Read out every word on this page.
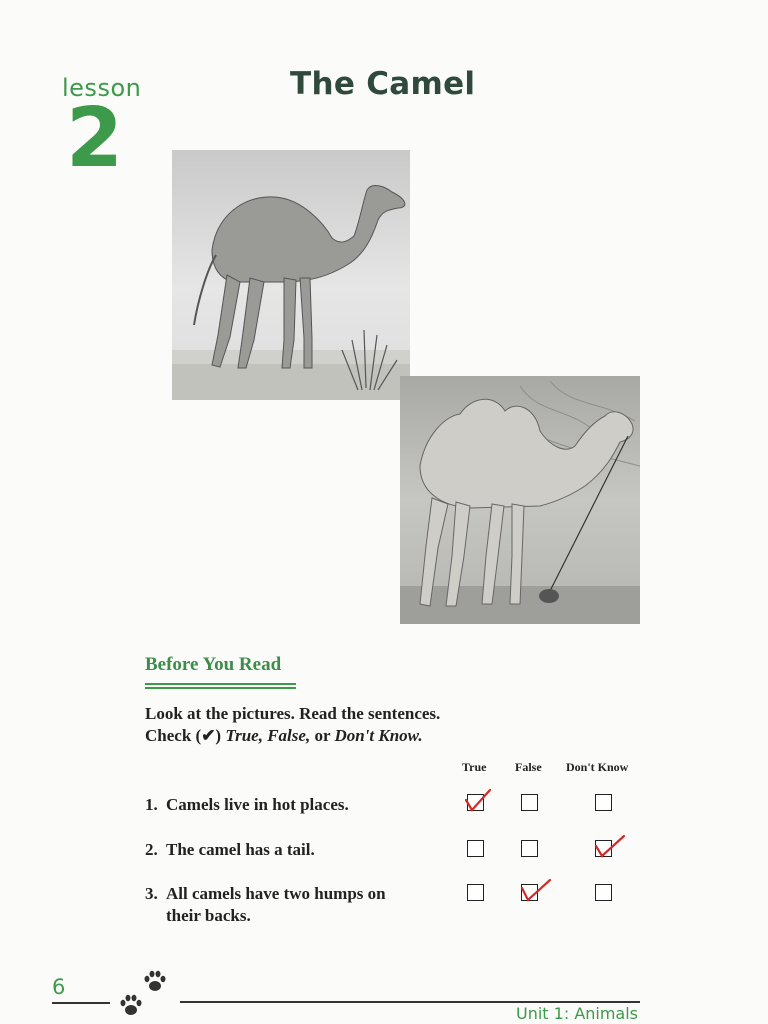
lesson
2
The Camel
Before You Read
Look at the pictures. Read the sentences.
Check (✔) True, False, or Don't Know.
True False Don't Know
1. Camels live in hot places.
2. The camel has a tail.
3. All camels have two humps on
their backs.
6
Unit 1: Animals
